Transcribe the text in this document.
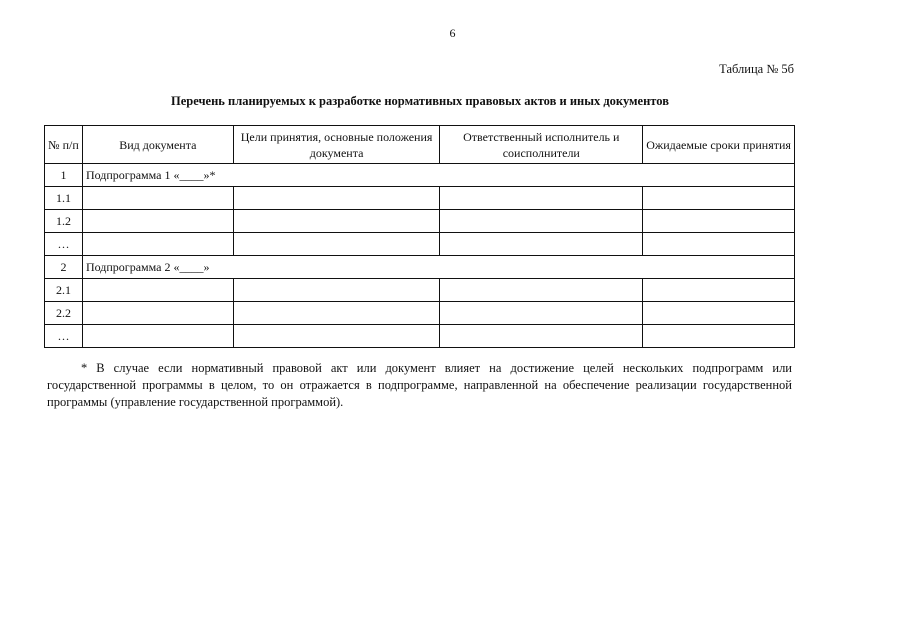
6
Таблица № 5б
Перечень планируемых к разработке нормативных правовых актов и иных документов
№ п/п	Вид документа	Цели принятия, основные положения документа	Ответственный исполнитель и соисполнители	Ожидаемые сроки принятия
1	Подпрограмма 1 «____»*			
1.1				
1.2				
…				
2	Подпрограмма 2 «____»			
2.1				
2.2				
…				
* В случае если нормативный правовой акт или документ влияет на достижение целей нескольких подпрограмм или государственной программы в целом, то он отражается в подпрограмме, направленной на обеспечение реализации государственной программы (управление государственной программой).
